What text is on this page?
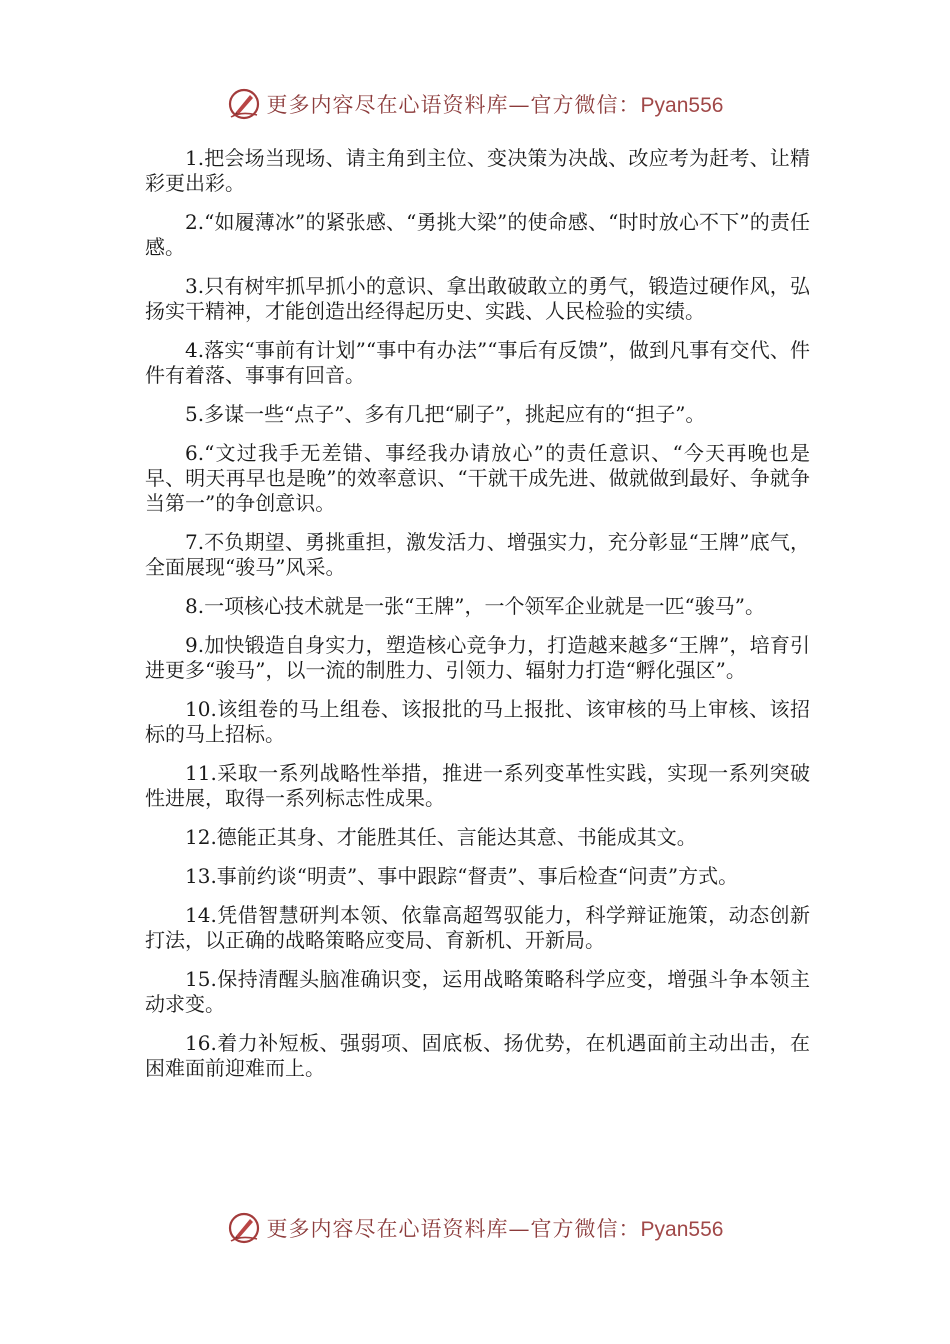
更多内容尽在心语资料库—官方微信：Pyan556

1.把会场当现场、请主角到主位、变决策为决战、改应考为赶考、让精彩更出彩。

2.“如履薄冰”的紧张感、“勇挑大梁”的使命感、“时时放心不下”的责任感。

3.只有树牢抓早抓小的意识、拿出敢破敢立的勇气，锻造过硬作风，弘扬实干精神，才能创造出经得起历史、实践、人民检验的实绩。

4.落实“事前有计划”“事中有办法”“事后有反馈”，做到凡事有交代、件件有着落、事事有回音。

5.多谋一些“点子”、多有几把“刷子”，挑起应有的“担子”。

6.“文过我手无差错、事经我办请放心”的责任意识、“今天再晚也是早、明天再早也是晚”的效率意识、“干就干成先进、做就做到最好、争就争当第一”的争创意识。

7.不负期望、勇挑重担，激发活力、增强实力，充分彰显“王牌”底气，全面展现“骏马”风采。

8.一项核心技术就是一张“王牌”，一个领军企业就是一匹“骏马”。

9.加快锻造自身实力，塑造核心竞争力，打造越来越多“王牌”，培育引进更多“骏马”，以一流的制胜力、引领力、辐射力打造“孵化强区”。

10.该组卷的马上组卷、该报批的马上报批、该审核的马上审核、该招标的马上招标。

11.采取一系列战略性举措，推进一系列变革性实践，实现一系列突破性进展，取得一系列标志性成果。

12.德能正其身、才能胜其任、言能达其意、书能成其文。

13.事前约谈“明责”、事中跟踪“督责”、事后检查“问责”方式。

14.凭借智慧研判本领、依靠高超驾驭能力，科学辩证施策，动态创新打法，以正确的战略策略应变局、育新机、开新局。

15.保持清醒头脑准确识变，运用战略策略科学应变，增强斗争本领主动求变。

16.着力补短板、强弱项、固底板、扬优势，在机遇面前主动出击，在困难面前迎难而上。

更多内容尽在心语资料库—官方微信：Pyan556
